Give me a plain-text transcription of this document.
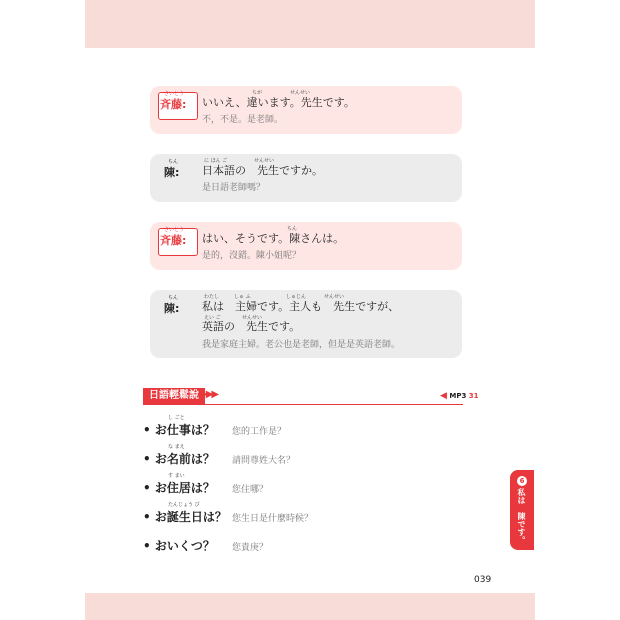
さいとう
斉藤:
ちが	せんせい
いいえ、違います。先生です。
不，不是。是老師。
ちん
陳:
に ほん ご	せんせい
日本語の　先生ですか。
是日語老師嗎？
さいとう
斉藤:
ちん
はい、そうです。陳さんは。
是的，沒錯。陳小姐呢？
ちん
陳:
わたし	しゅ ふ	しゅじん	せんせい
私は　主婦です。主人も　先生ですが、
えい ご	せんせい
英語の　先生です。
我是家庭主婦。老公也是老師，但是是英語老師。
日語輕鬆說 ▶▶▶	◀ MP3 31
し ごと
• お仕事は？ 您的工作是？
な まえ
• お名前は？ 請問尊姓大名？
す まい
• お住居は？ 您住哪？
たんじょう び
• お誕生日は？ 您生日是什麼時候？
• おいくつ？ 您貴庚？
6
私は　陳です。
039
